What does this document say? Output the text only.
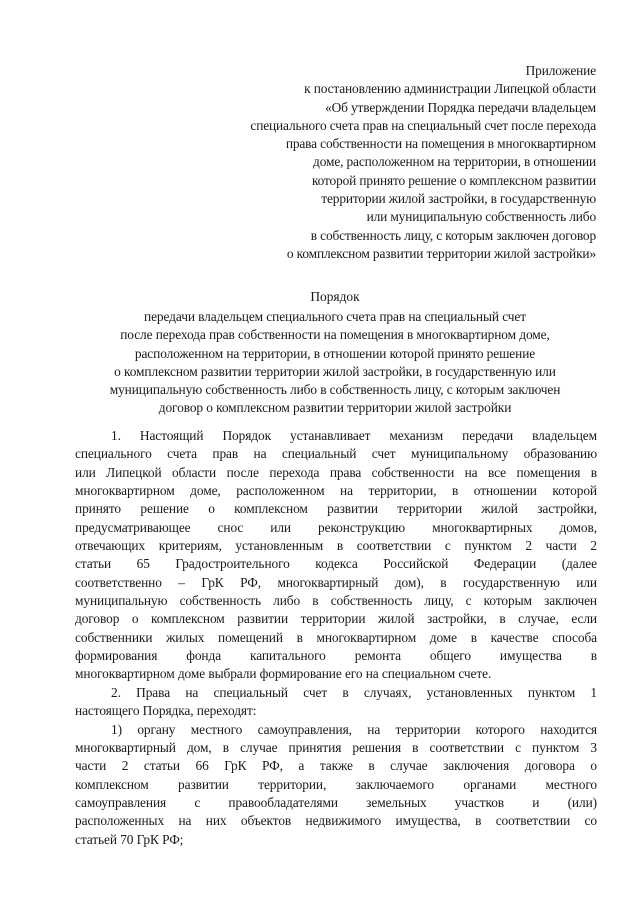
Приложение
к постановлению администрации Липецкой области
«Об утверждении Порядка передачи владельцем
специального счета прав на специальный счет после перехода
права собственности на помещения в многоквартирном
доме, расположенном на территории, в отношении
которой принято решение о комплексном развитии
территории жилой застройки, в государственную
или муниципальную собственность либо
в собственность лицу, с которым заключен договор
о комплексном развитии территории жилой застройки»
Порядок
передачи владельцем специального счета прав на специальный счет
после перехода прав собственности на помещения в многоквартирном доме,
расположенном на территории, в отношении которой принято решение
о комплексном развитии территории жилой застройки, в государственную или
муниципальную собственность либо в собственность лицу, с которым заключен
договор о комплексном развитии территории жилой застройки
1. Настоящий Порядок устанавливает механизм передачи владельцем
специального счета прав на специальный счет муниципальному образованию
или Липецкой области после перехода права собственности на все помещения в
многоквартирном доме, расположенном на территории, в отношении которой
принято решение о комплексном развитии территории жилой застройки,
предусматривающее снос или реконструкцию многоквартирных домов,
отвечающих критериям, установленным в соответствии с пунктом 2 части 2
статьи 65 Градостроительного кодекса Российской Федерации (далее
соответственно – ГрК РФ, многоквартирный дом), в государственную или
муниципальную собственность либо в собственность лицу, с которым заключен
договор о комплексном развитии территории жилой застройки, в случае, если
собственники жилых помещений в многоквартирном доме в качестве способа
формирования фонда капитального ремонта общего имущества в
многоквартирном доме выбрали формирование его на специальном счете.
2. Права на специальный счет в случаях, установленных пунктом 1
настоящего Порядка, переходят:
1) органу местного самоуправления, на территории которого находится
многоквартирный дом, в случае принятия решения в соответствии с пунктом 3
части 2 статьи 66 ГрК РФ, а также в случае заключения договора о
комплексном развитии территории, заключаемого органами местного
самоуправления с правообладателями земельных участков и (или)
расположенных на них объектов недвижимого имущества, в соответствии со
статьей 70 ГрК РФ;
